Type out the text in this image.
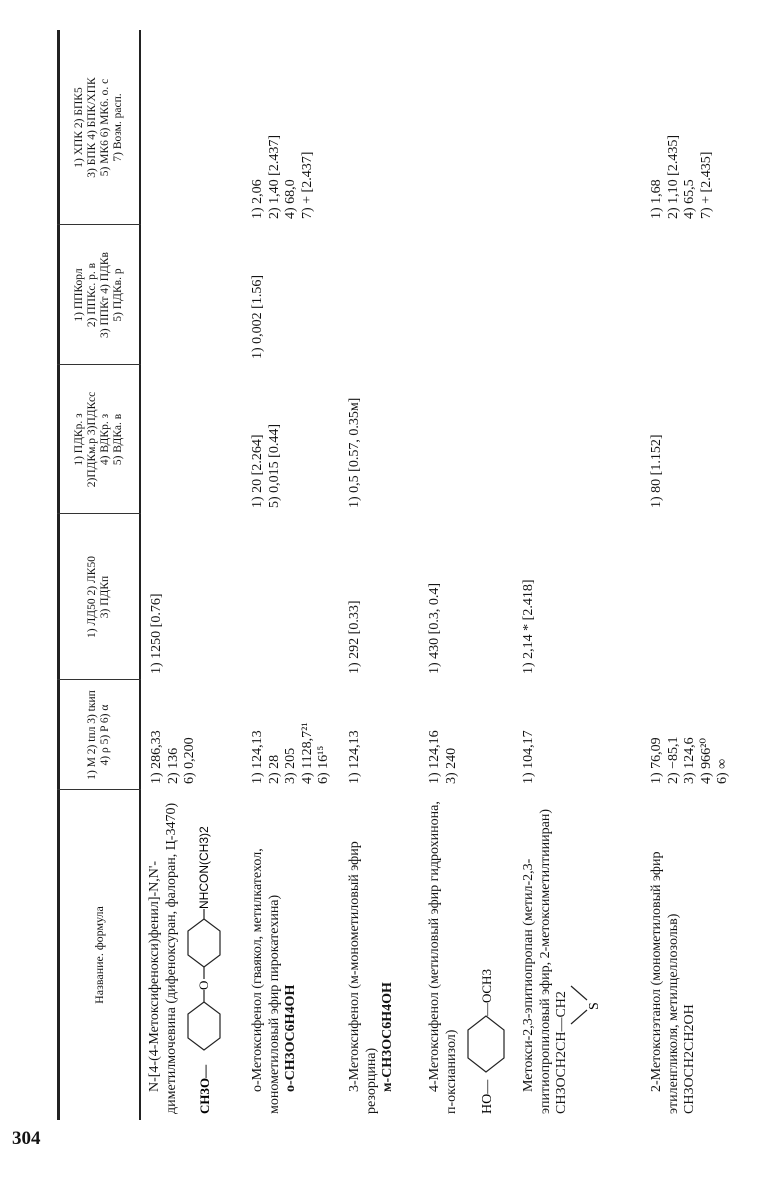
304
Название. формула
1) M 2) tпл 3) tкип 4) ρ 5) P 6) α
1) ЛД50 2) ЛК50 3) ПДКп
1) ПДКр. з 2)ПДКм.р 3)ПДКсс 4) ВДКр. з 5) ВДКа. в
1) ППКорл 2) ППКс. р. в 3) ППКт 4) ПДКв 5) ПДКв. р
1) ХПК 2) БПК5 3) БПК 4) БПК/ХПК 5) МК6 6) МК6. о. с 7) Возм. расп.
N-[4-(4-Метоксифенокси)фенил]-N,N'-диметилмочевина (дифеноксуран, фалоран, Ц-3470) CH3O—
O
NHCON(CH3)2
1) 286,33
2) 136
6) 0,200
1) 1250 [0.76]
о-Метоксифенол (гваякол, метилкатехол, монометиловый эфир пирокатехина) о-CH3OC6H4OH
1) 124,13
2) 28
3) 205
4) 1128,7²¹
6) 16¹⁵
1) 20 [2.264]
5) 0,015 [0.44]
1) 0,002 [1.56]
1) 2,06
2) 1,40 [2.437]
4) 68,0
7) + [2.437]
3-Метоксифенол (м-монометиловый эфир резорцина) м-CH3OC6H4OH
1) 124,13
1) 292 [0.33]
1) 0,5 [0.57, 0.35м]
4-Метоксифенол (метиловый эфир гидрохинона, п-оксианизол) HO—
—OCH3
1) 124,16
3) 240
1) 430 [0.3, 0.4]
Метокси-2,3-эпитиопропан (метил-2,3-эпитиопропиловый эфир, 2-метоксиметилтиииран) CH3OCH2CH—CH2 S
1) 104,17
1) 2,14 * [2.418]
2-Метоксиэтанол (монометиловый эфир этиленгликоля, метилцеллозольв) CH3OCH2CH2OH
1) 76,09
2) −85,1
3) 124,6
4) 966²⁰
6) ∞
1) 80 [1.152]
1) 1,68
2) 1,10 [2.435]
4) 65,5
7) + [2.435]
